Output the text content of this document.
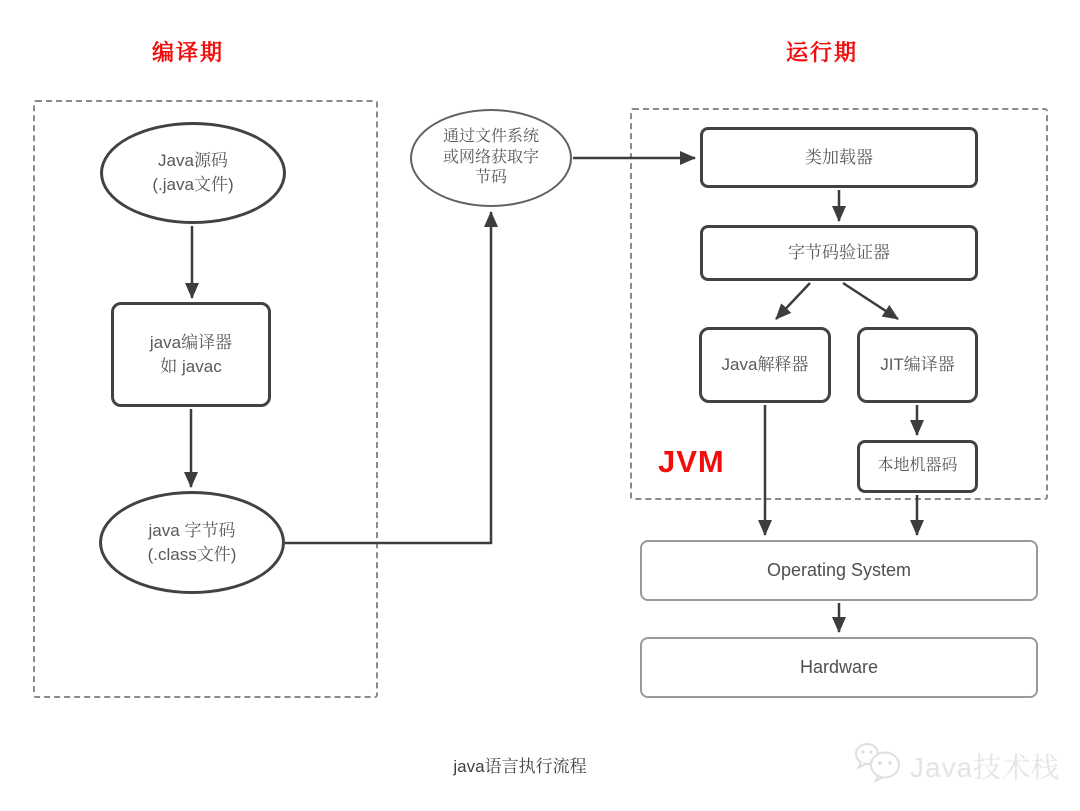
编译期	运行期
JVM
Java源码
(.java文件)
java编译器
如 javac
java 字节码
(.class文件)
通过文件系统
或网络获取字
节码
类加载器
字节码验证器
Java解释器	JIT编译器
本地机器码
Operating System
Hardware
java语言执行流程	Java技术栈
